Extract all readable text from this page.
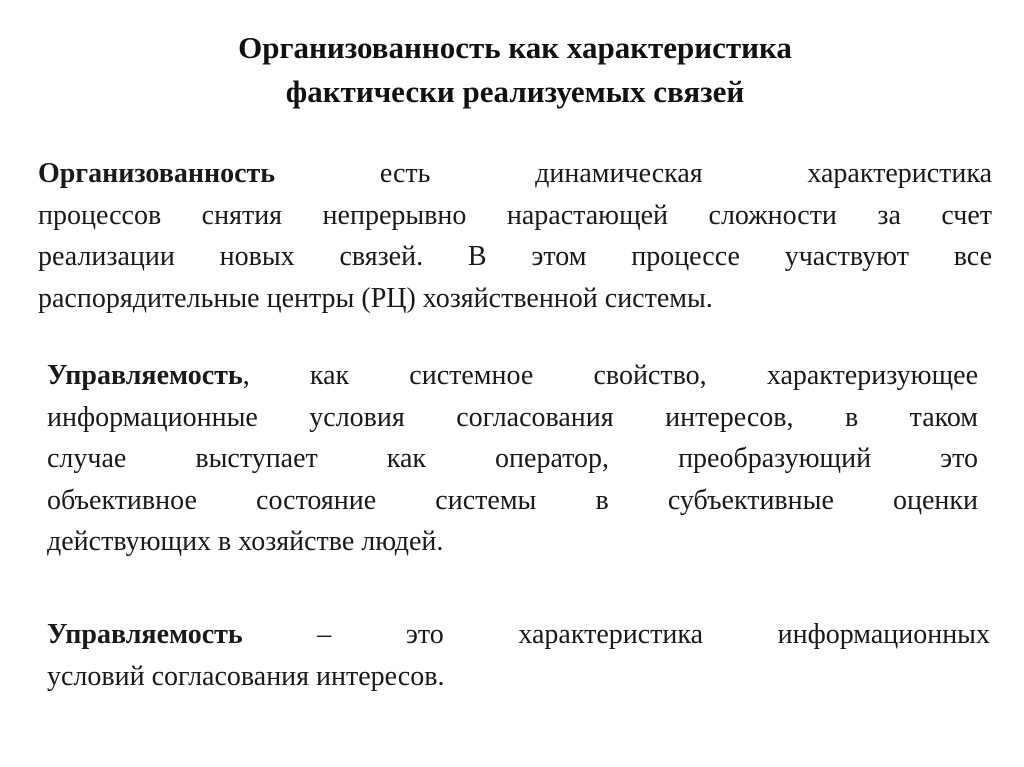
Организованность как характеристика
фактически реализуемых связей
Организованность	есть динамическая характеристика
процессов снятия непрерывно нарастающей сложности за счет
реализации новых связей. В этом процессе участвуют все
распорядительные центры (РЦ) хозяйственной системы.
Управляемость, как системное свойство, характеризующее
информационные условия согласования интересов, в таком
случае выступает как оператор, преобразующий это
объективное состояние системы в субъективные оценки
действующих в хозяйстве людей.
Управляемость – это характеристика информационных
условий согласования интересов.
